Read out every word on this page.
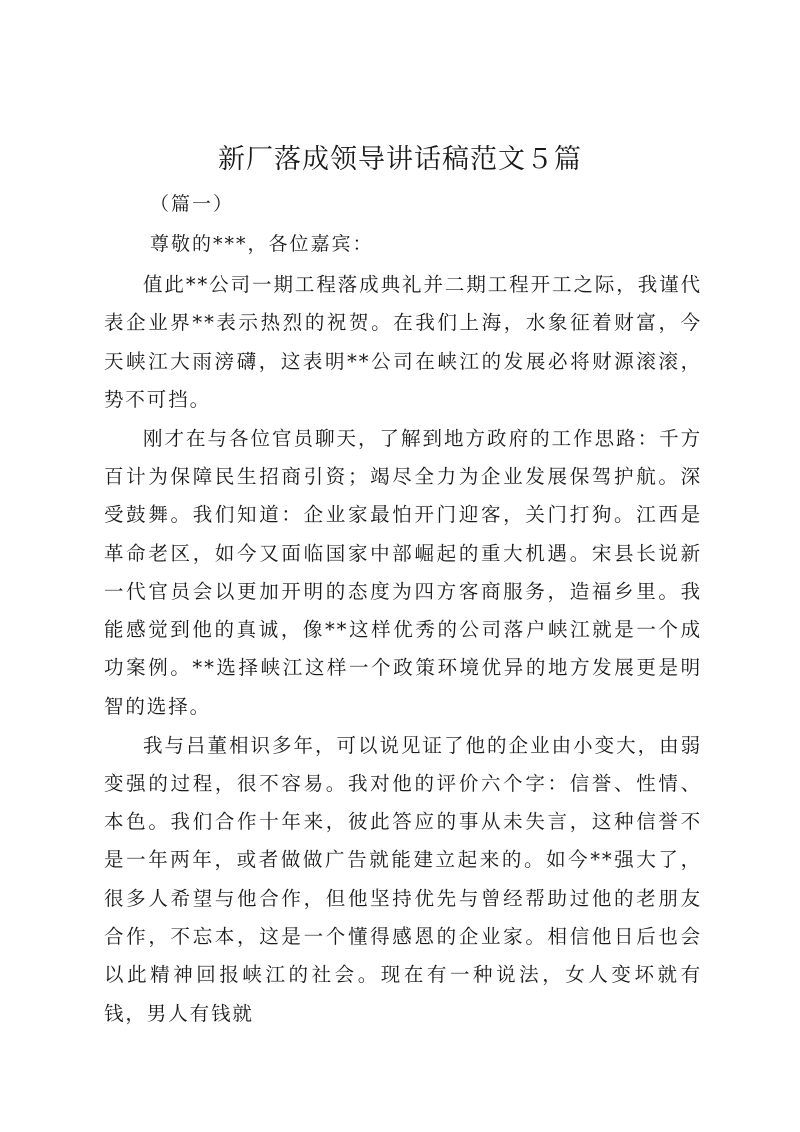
新厂落成领导讲话稿范文５篇

（篇一）

尊敬的***，各位嘉宾：

值此**公司一期工程落成典礼并二期工程开工之际，我谨代表企业界**表示热烈的祝贺。在我们上海，水象征着财富，今天峡江大雨滂礴，这表明**公司在峡江的发展必将财源滚滚，势不可挡。

刚才在与各位官员聊天，了解到地方政府的工作思路：千方百计为保障民生招商引资；竭尽全力为企业发展保驾护航。深受鼓舞。我们知道：企业家最怕开门迎客，关门打狗。江西是革命老区，如今又面临国家中部崛起的重大机遇。宋县长说新一代官员会以更加开明的态度为四方客商服务，造福乡里。我能感觉到他的真诚，像**这样优秀的公司落户峡江就是一个成功案例。**选择峡江这样一个政策环境优异的地方发展更是明智的选择。

我与吕董相识多年，可以说见证了他的企业由小变大，由弱变强的过程，很不容易。我对他的评价六个字：信誉、性情、本色。我们合作十年来，彼此答应的事从未失言，这种信誉不是一年两年，或者做做广告就能建立起来的。如今**强大了，很多人希望与他合作，但他坚持优先与曾经帮助过他的老朋友合作，不忘本，这是一个懂得感恩的企业家。相信他日后也会以此精神回报峡江的社会。现在有一种说法，女人变坏就有钱，男人有钱就
